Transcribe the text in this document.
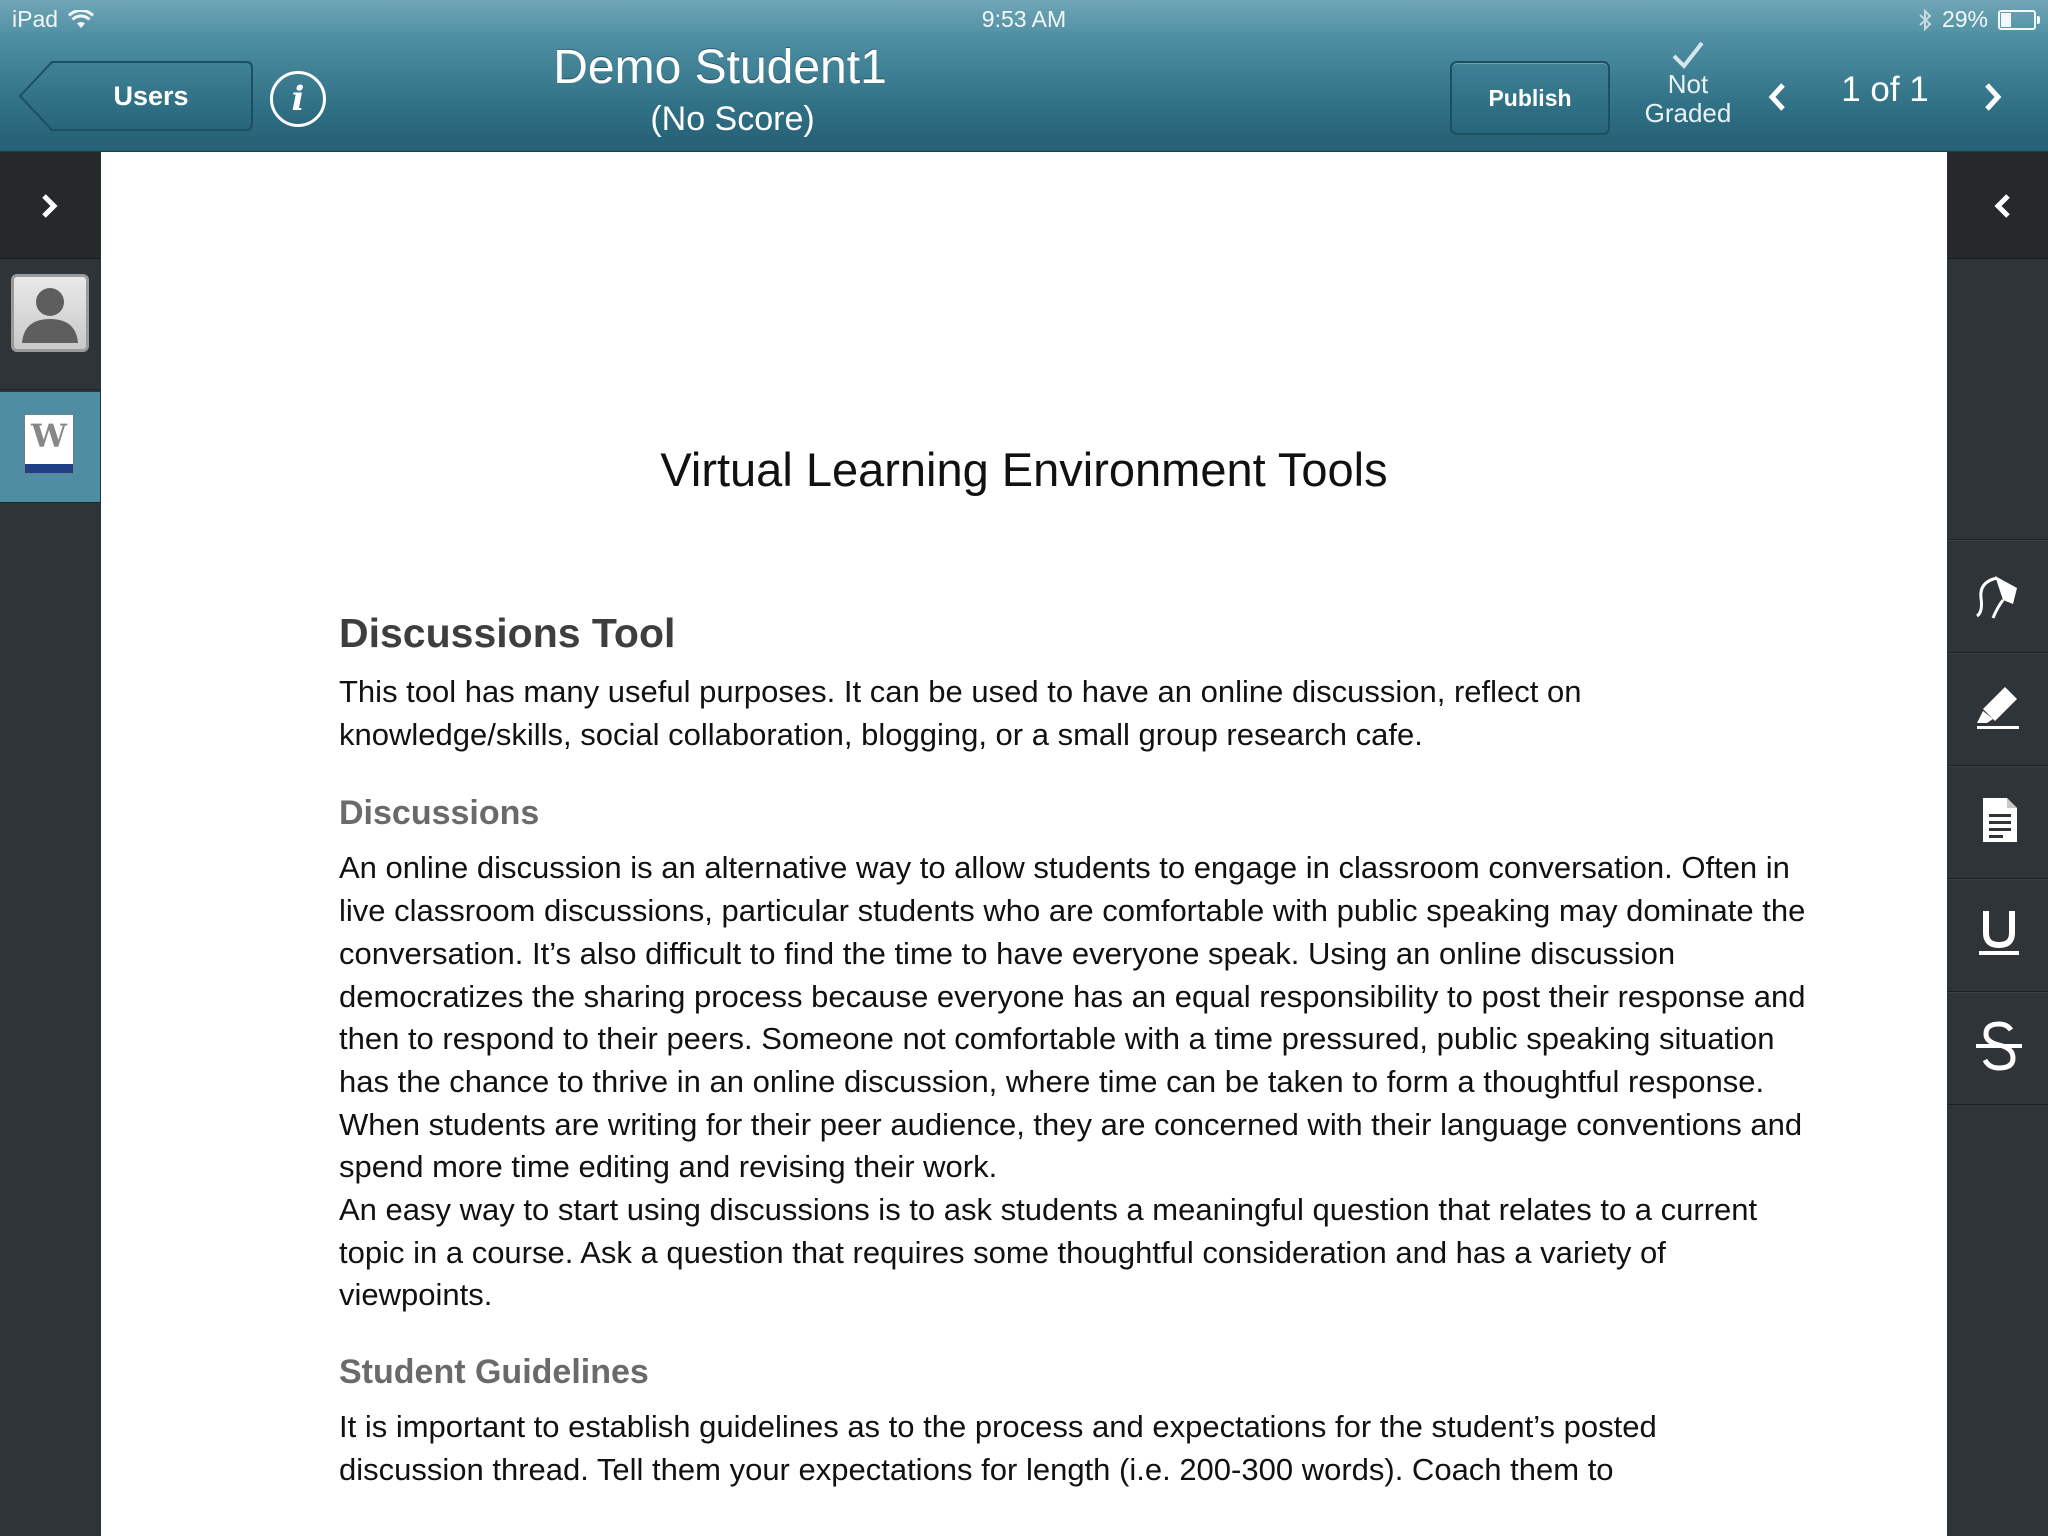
iPad	9:53 AM	29%
Users	i
Demo Student1
(No Score)
Publish	Not
Graded
1 of 1
W
Virtual Learning Environment Tools
Discussions Tool

This tool has many useful purposes. It can be used to have an online discussion, reflect on knowledge/skills, social collaboration, blogging, or a small group research cafe.

Discussions

An online discussion is an alternative way to allow students to engage in classroom conversation. Often in live classroom discussions, particular students who are comfortable with public speaking may dominate the conversation. It’s also difficult to find the time to have everyone speak. Using an online discussion democratizes the sharing process because everyone has an equal responsibility to post their response and then to respond to their peers. Someone not comfortable with a time pressured, public speaking situation has the chance to thrive in an online discussion, where time can be taken to form a thoughtful response. When students are writing for their peer audience, they are concerned with their language conventions and spend more time editing and revising their work.

An easy way to start using discussions is to ask students a meaningful question that relates to a current topic in a course. Ask a question that requires some thoughtful consideration and has a variety of viewpoints.

Student Guidelines

It is important to establish guidelines as to the process and expectations for the student’s posted discussion thread. Tell them your expectations for length (i.e. 200-300 words). Coach them to
